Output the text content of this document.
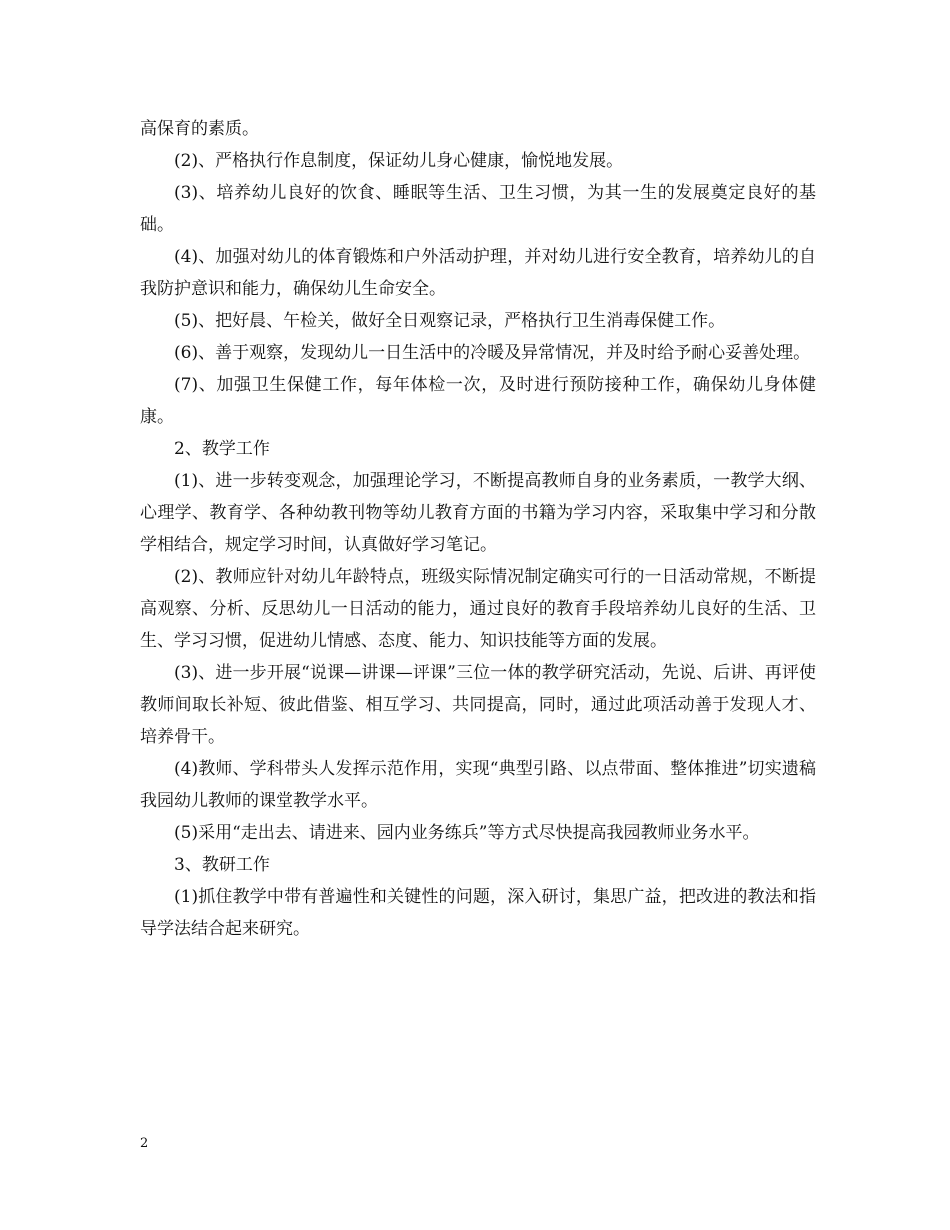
高保育的素质。

(2)、严格执行作息制度，保证幼儿身心健康，愉悦地发展。

(3)、培养幼儿良好的饮食、睡眠等生活、卫生习惯，为其一生的发展奠定良好的基础。

(4)、加强对幼儿的体育锻炼和户外活动护理，并对幼儿进行安全教育，培养幼儿的自我防护意识和能力，确保幼儿生命安全。

(5)、把好晨、午检关，做好全日观察记录，严格执行卫生消毒保健工作。

(6)、善于观察，发现幼儿一日生活中的冷暖及异常情况，并及时给予耐心妥善处理。

(7)、加强卫生保健工作，每年体检一次，及时进行预防接种工作，确保幼儿身体健康。

2、教学工作

(1)、进一步转变观念，加强理论学习，不断提高教师自身的业务素质，一教学大纲、心理学、教育学、各种幼教刊物等幼儿教育方面的书籍为学习内容，采取集中学习和分散学相结合，规定学习时间，认真做好学习笔记。

(2)、教师应针对幼儿年龄特点，班级实际情况制定确实可行的一日活动常规，不断提高观察、分析、反思幼儿一日活动的能力，通过良好的教育手段培养幼儿良好的生活、卫生、学习习惯，促进幼儿情感、态度、能力、知识技能等方面的发展。

(3)、进一步开展“说课—讲课—评课”三位一体的教学研究活动，先说、后讲、再评使教师间取长补短、彼此借鉴、相互学习、共同提高，同时，通过此项活动善于发现人才、培养骨干。

(4)教师、学科带头人发挥示范作用，实现“典型引路、以点带面、整体推进”切实遗稿我园幼儿教师的课堂教学水平。

(5)采用“走出去、请进来、园内业务练兵”等方式尽快提高我园教师业务水平。

3、教研工作

(1)抓住教学中带有普遍性和关键性的问题，深入研讨，集思广益，把改进的教法和指导学法结合起来研究。

2
